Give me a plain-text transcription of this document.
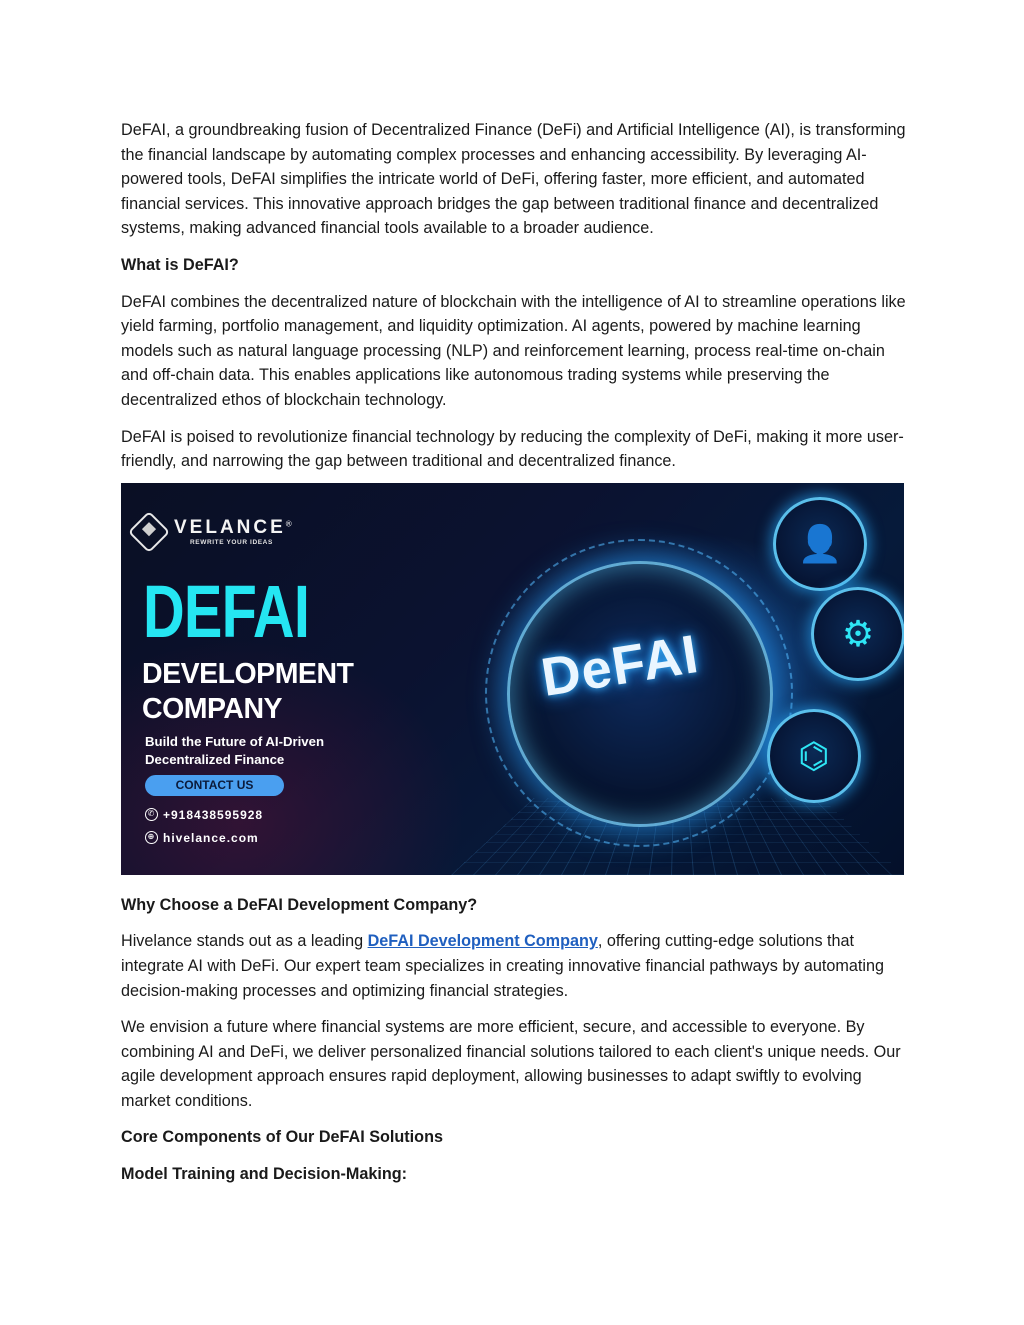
DeFAI, a groundbreaking fusion of Decentralized Finance (DeFi) and Artificial Intelligence (AI), is transforming the financial landscape by automating complex processes and enhancing accessibility. By leveraging AI-powered tools, DeFAI simplifies the intricate world of DeFi, offering faster, more efficient, and automated financial services. This innovative approach bridges the gap between traditional finance and decentralized systems, making advanced financial tools available to a broader audience.

What is DeFAI?

DeFAI combines the decentralized nature of blockchain with the intelligence of AI to streamline operations like yield farming, portfolio management, and liquidity optimization. AI agents, powered by machine learning models such as natural language processing (NLP) and reinforcement learning, process real-time on-chain and off-chain data. This enables applications like autonomous trading systems while preserving the decentralized ethos of blockchain technology.

DeFAI is poised to revolutionize financial technology by reducing the complexity of DeFi, making it more user-friendly, and narrowing the gap between traditional and decentralized finance.

VELANCE®
REWRITE YOUR IDEAS
DEFAI
DEVELOPMENT
COMPANY
Build the Future of AI-Driven
Decentralized Finance
CONTACT US
✆ +918438595928
⊕ hivelance.com
DeFAI
👤
⚙
⌬

Why Choose a DeFAI Development Company?

Hivelance stands out as a leading DeFAI Development Company, offering cutting-edge solutions that integrate AI with DeFi. Our expert team specializes in creating innovative financial pathways by automating decision-making processes and optimizing financial strategies.

We envision a future where financial systems are more efficient, secure, and accessible to everyone. By combining AI and DeFi, we deliver personalized financial solutions tailored to each client's unique needs. Our agile development approach ensures rapid deployment, allowing businesses to adapt swiftly to evolving market conditions.

Core Components of Our DeFAI Solutions

Model Training and Decision-Making:
